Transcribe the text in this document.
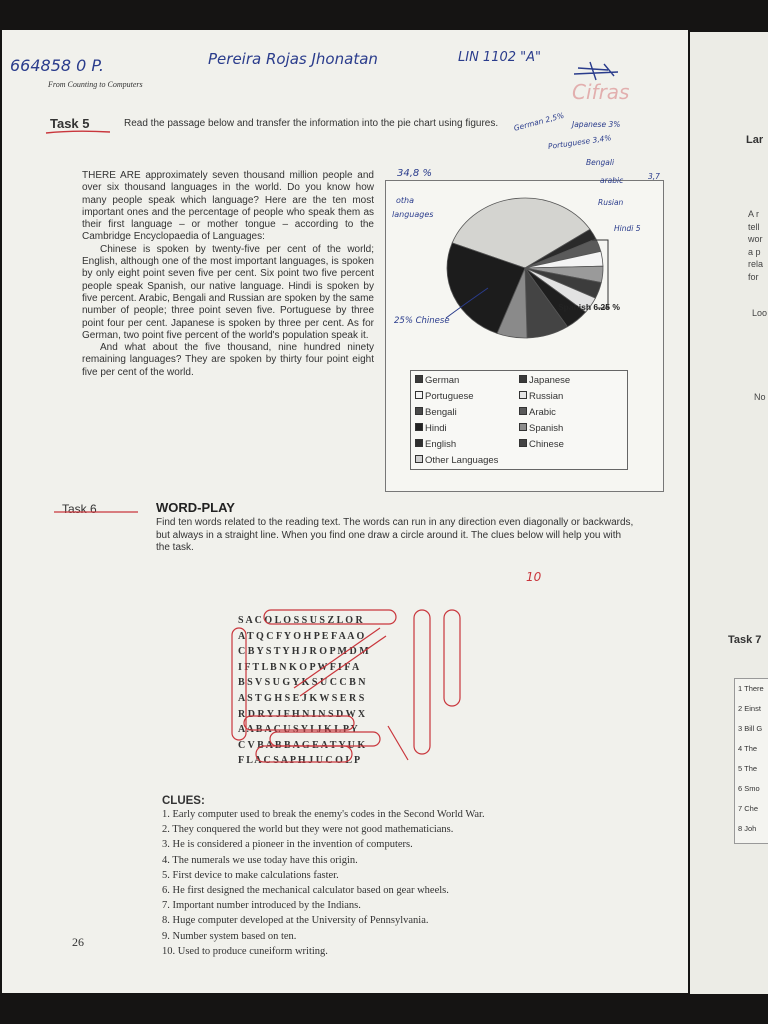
664858 0 P.	Pereira Rojas Jhonatan	LIN 1102 "A"
Cifras
From Counting to Computers
Task 5	Read the passage below and transfer the information into the pie chart using figures.

THERE ARE approximately seven thousand million people and over six thousand languages in the world. Do you know how many people speak which language? Here are the ten most important ones and the percentage of people who speak them as their first language – or mother tongue – according to the Cambridge Encyclopaedia of Languages:

Chinese is spoken by twenty-five per cent of the world; English, although one of the most important languages, is spoken by only eight point seven five per cent. Six point two five percent people speak Spanish, our native language. Hindi is spoken by five percent. Arabic, Bengali and Russian are spoken by the same number of people; three point seven five. Portuguese by three point four per cent. Japanese is spoken by three per cent. As for German, two point five percent of the world's population speak it.

And what about the five thousand, nine hundred ninety remaining languages? They are spoken by thirty four point eight five per cent of the world.

Spanish 6.25 %
34,8 %
otha
languages
German 2,5% Japanese 3%
Portuguese 3,4%
Bengali
arabic	3,7
Rusian
Hindi 5
25% Chinese
German	Japanese
Portuguese	Russian
Bengali	Arabic
Hindi	Spanish
English	Chinese
Other Languages
Task 6	WORD-PLAY
Find ten words related to the reading text. The words can run in any direction even diagonally or backwards, but always in a straight line. When you find one draw a circle around it. The clues below will help you with the task.
10
S A C O L O S S U S Z L O R
A T Q C F Y O H P E F A A O
C B Y S T Y H J R O P M D M
I F T L B N K O P W F I F A
B S V S U G Y K S U C C B N
A S T G H S E J K W S E R S
R D R Y J F H N I N S D W X
A A B A C U S Y I J K L P Y
C V B A B B A G E A T Y U K
F L A C S A P H J U C O L P
CLUES:
1. Early computer used to break the enemy's codes in the Second World War.
2. They conquered the world but they were not good mathematicians.
3. He is considered a pioneer in the invention of computers.
4. The numerals we use today have this origin.
5. First device to make calculations faster.
6. He first designed the mechanical calculator based on gear wheels.
7. Important number introduced by the Indians.
8. Huge computer developed at the University of Pennsylvania.
9. Number system based on ten.
10. Used to produce cuneiform writing.
26
Lar
A r
tell
wor
a p
rela
for
Loo
No
Task 7
1 There
2 Einst
3 Bill G
4 The
5 The
6 Smo
7 Che
8 Joh
